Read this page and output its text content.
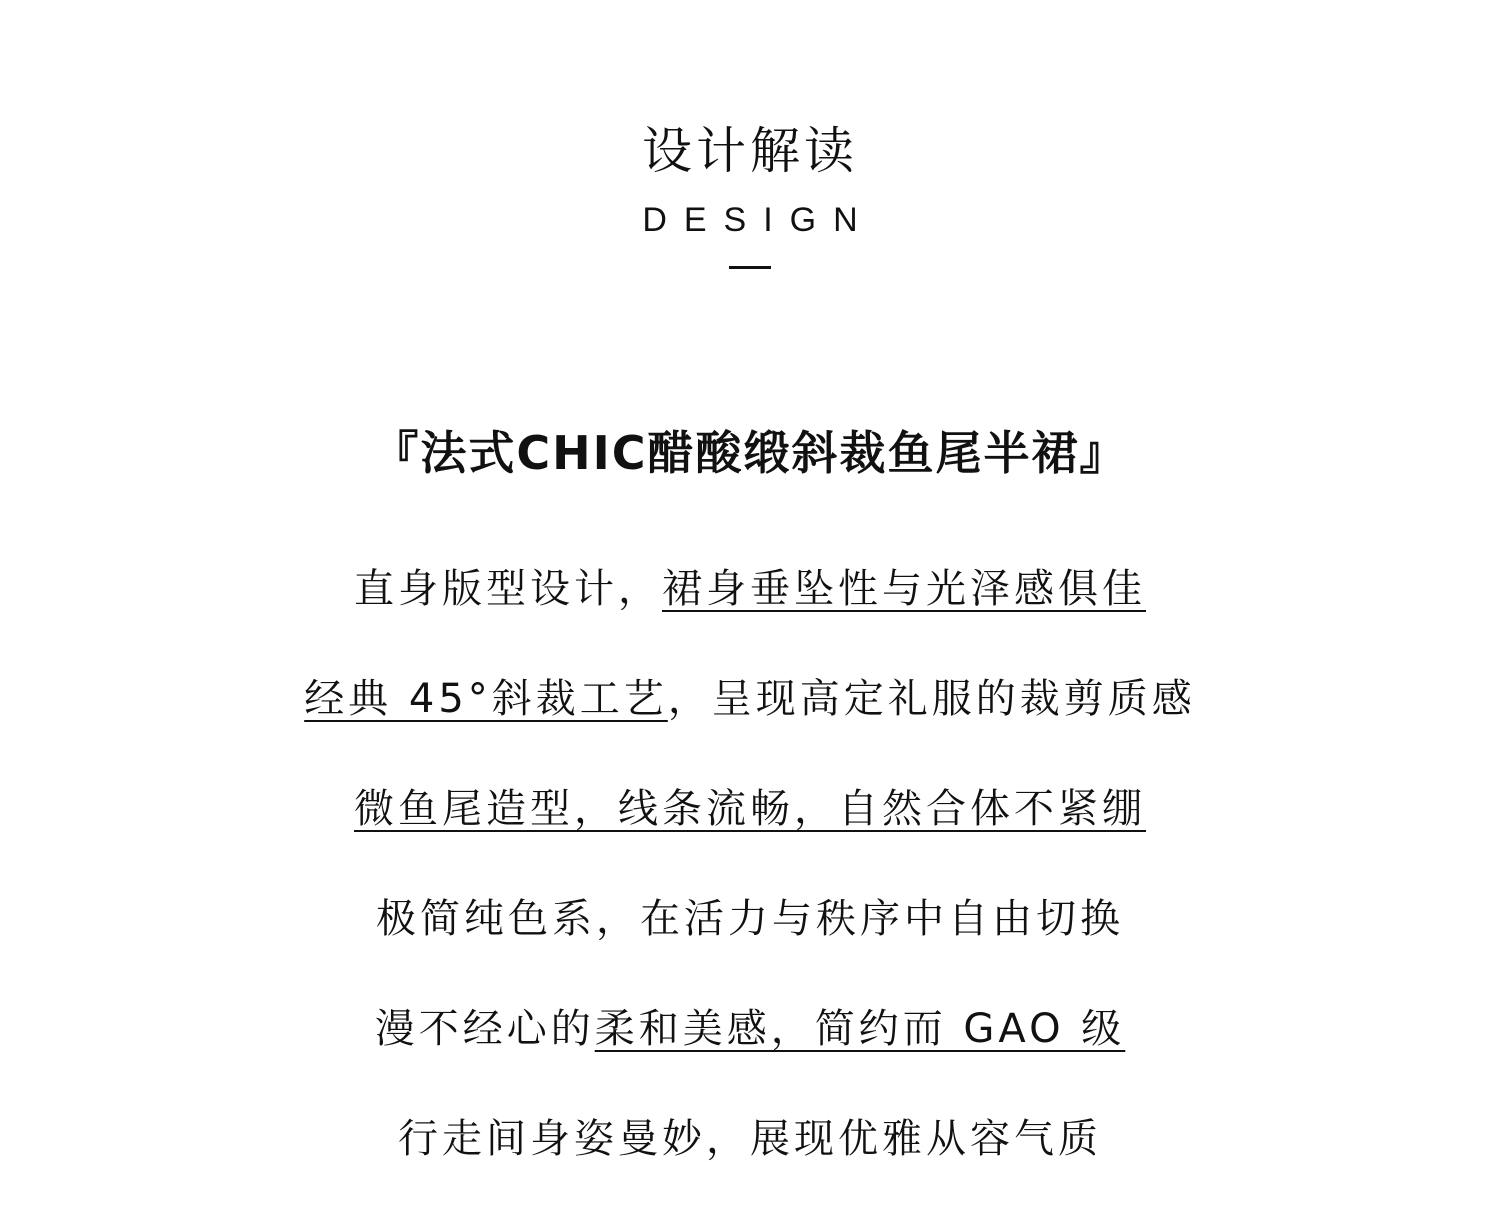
设计解读
DESIGN
『法式CHIC醋酸缎斜裁鱼尾半裙』
直身版型设计，裙身垂坠性与光泽感俱佳
经典 45°斜裁工艺，呈现高定礼服的裁剪质感
微鱼尾造型，线条流畅，自然合体不紧绷
极简纯色系，在活力与秩序中自由切换
漫不经心的柔和美感，简约而 GAO 级
行走间身姿曼妙，展现优雅从容气质
